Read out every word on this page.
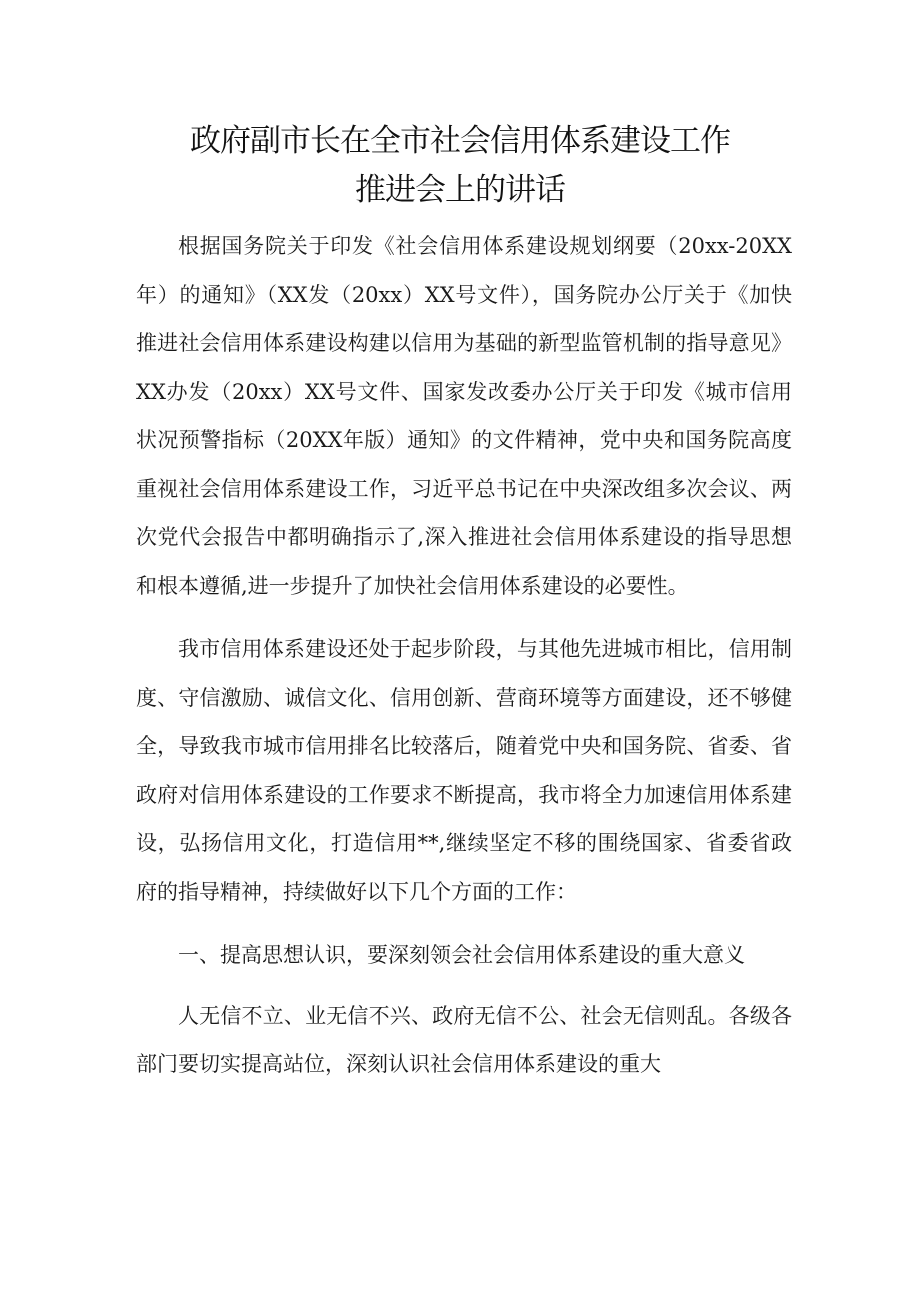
政府副市长在全市社会信用体系建设工作
推进会上的讲话

根据国务院关于印发《社会信用体系建设规划纲要（20xx-20XX年）的通知》（XX发（20xx）XX号文件），国务院办公厅关于《加快推进社会信用体系建设构建以信用为基础的新型监管机制的指导意见》XX办发（20xx）XX号文件、国家发改委办公厅关于印发《城市信用状况预警指标（20XX年版）通知》的文件精神，党中央和国务院高度重视社会信用体系建设工作，习近平总书记在中央深改组多次会议、两次党代会报告中都明确指示了,深入推进社会信用体系建设的指导思想和根本遵循,进一步提升了加快社会信用体系建设的必要性。

我市信用体系建设还处于起步阶段，与其他先进城市相比，信用制度、守信激励、诚信文化、信用创新、营商环境等方面建设，还不够健全，导致我市城市信用排名比较落后，随着党中央和国务院、省委、省政府对信用体系建设的工作要求不断提高，我市将全力加速信用体系建设，弘扬信用文化，打造信用**,继续坚定不移的围绕国家、省委省政府的指导精神，持续做好以下几个方面的工作：

一、提高思想认识，要深刻领会社会信用体系建设的重大意义

人无信不立、业无信不兴、政府无信不公、社会无信则乱。各级各部门要切实提高站位，深刻认识社会信用体系建设的重大
